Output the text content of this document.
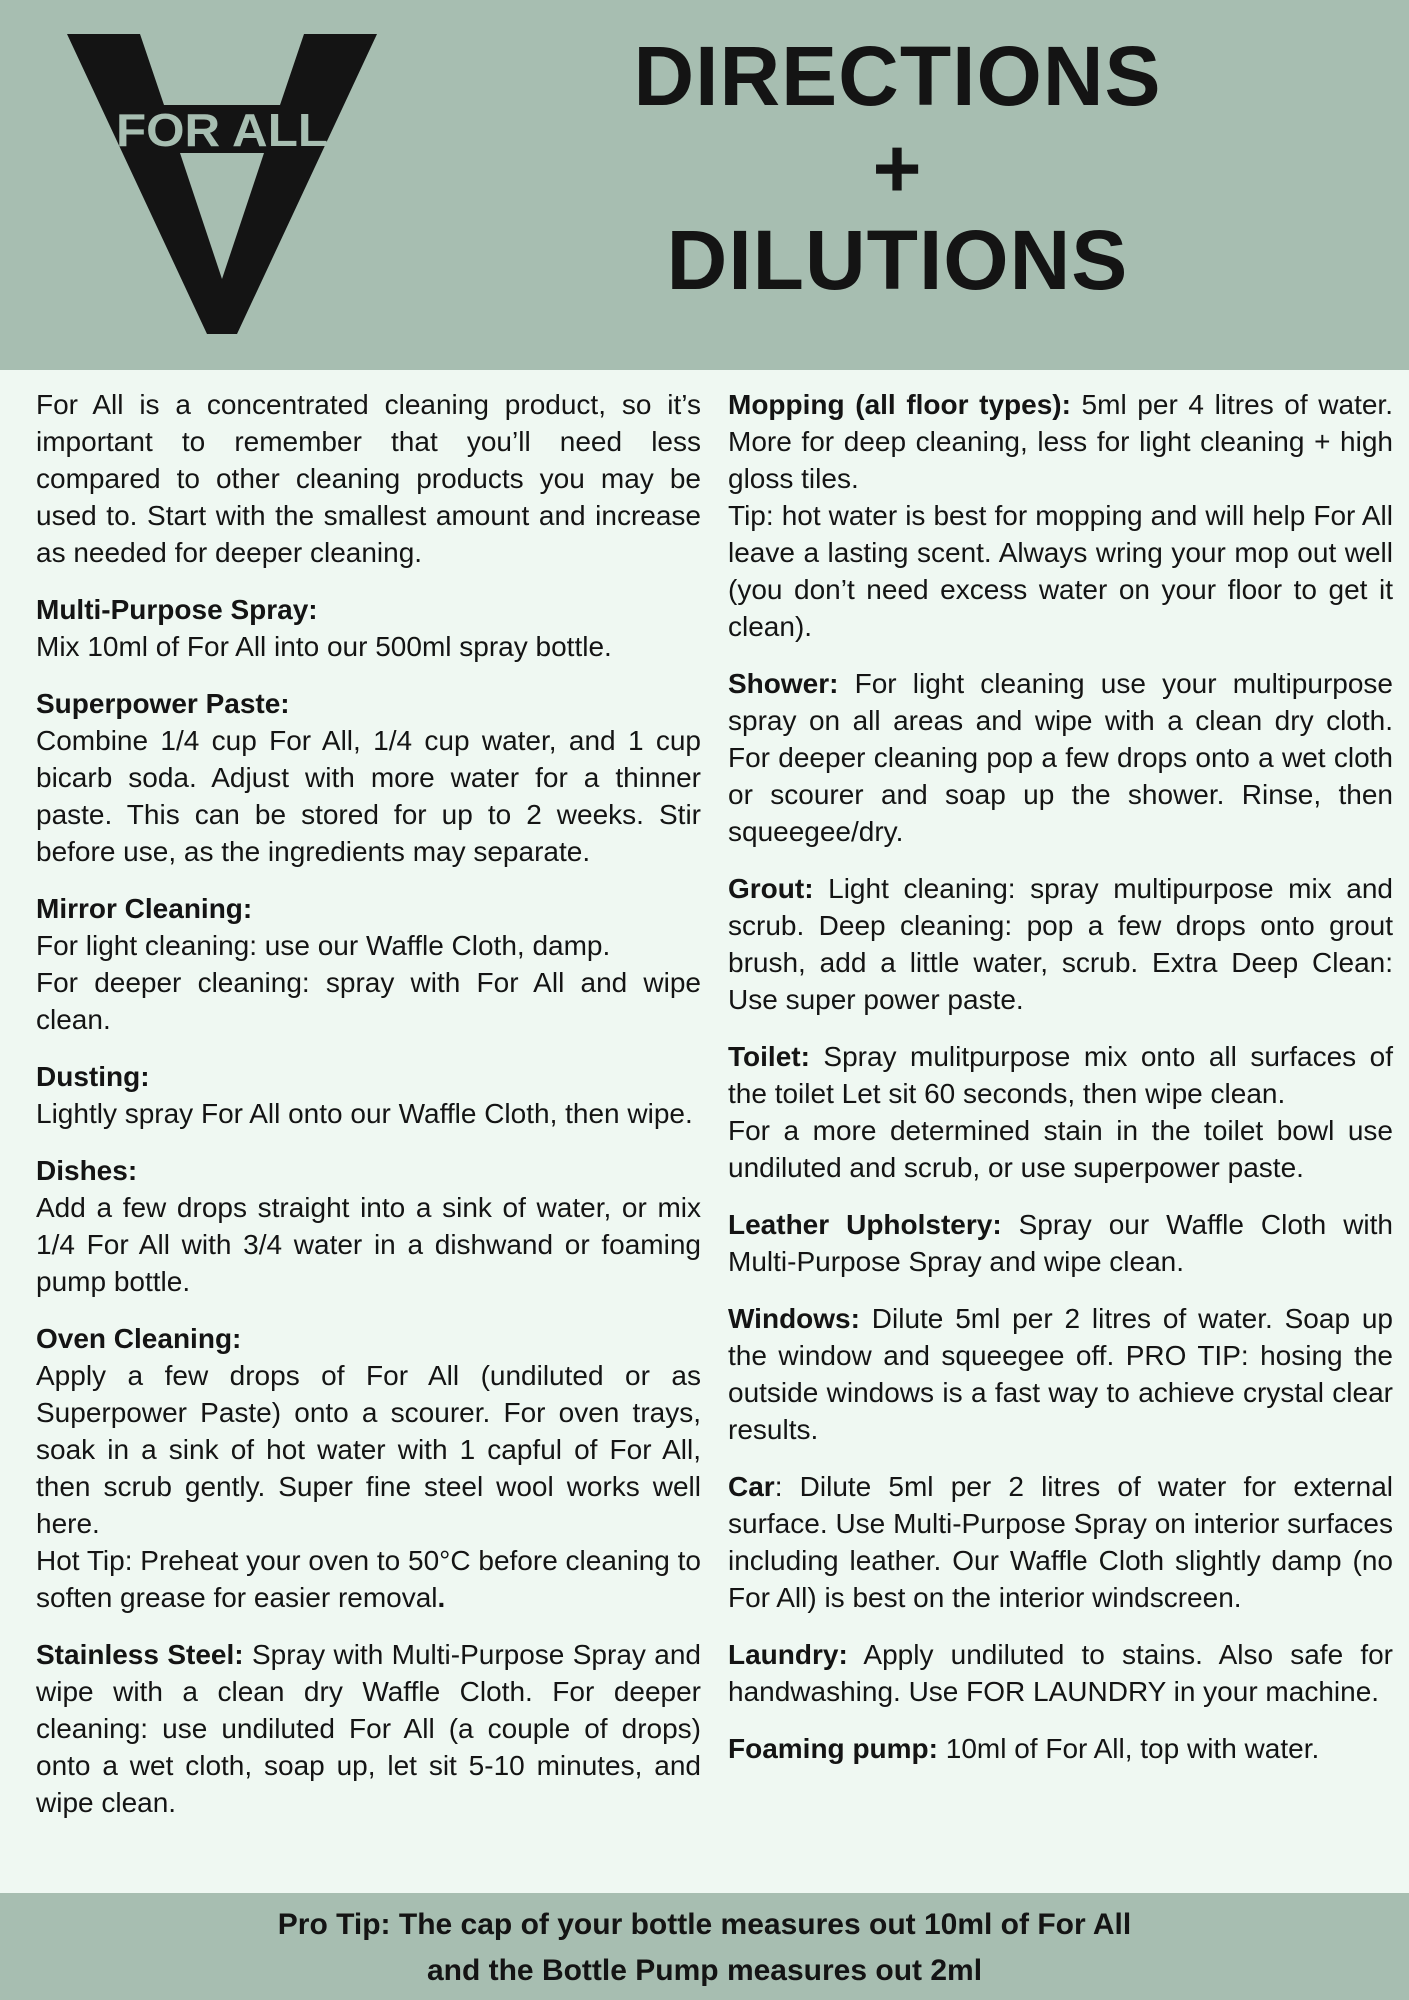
FOR ALL
DIRECTIONS
+
DILUTIONS

For All is a concentrated cleaning product, so it’s important to remember that you’ll need less compared to other cleaning products you may be used to. Start with the smallest amount and increase as needed for deeper cleaning.

Multi-Purpose Spray:
Mix 10ml of For All into our 500ml spray bottle.

Superpower Paste:
Combine 1/4 cup For All, 1/4 cup water, and 1 cup bicarb soda. Adjust with more water for a thinner paste. This can be stored for up to 2 weeks. Stir before use, as the ingredients may separate.

Mirror Cleaning:
For light cleaning: use our Waffle Cloth, damp.
For deeper cleaning: spray with For All and wipe clean.

Dusting:
Lightly spray For All onto our Waffle Cloth, then wipe.

Dishes:
Add a few drops straight into a sink of water, or mix 1/4 For All with 3/4 water in a dishwand or foaming pump bottle.

Oven Cleaning:
Apply a few drops of For All (undiluted or as Superpower Paste) onto a scourer. For oven trays, soak in a sink of hot water with 1 capful of For All, then scrub gently. Super fine steel wool works well here.
Hot Tip: Preheat your oven to 50°C before cleaning to soften grease for easier removal.

Stainless Steel: Spray with Multi-Purpose Spray and wipe with a clean dry Waffle Cloth. For deeper cleaning: use undiluted For All (a couple of drops) onto a wet cloth, soap up, let sit 5-10 minutes, and wipe clean.

Mopping (all floor types): 5ml per 4 litres of water. More for deep cleaning, less for light cleaning + high gloss tiles.
Tip: hot water is best for mopping and will help For All leave a lasting scent. Always wring your mop out well (you don’t need excess water on your floor to get it clean).

Shower: For light cleaning use your multipurpose spray on all areas and wipe with a clean dry cloth. For deeper cleaning pop a few drops onto a wet cloth or scourer and soap up the shower. Rinse, then squeegee/dry.

Grout: Light cleaning: spray multipurpose mix and scrub. Deep cleaning: pop a few drops onto grout brush, add a little water, scrub. Extra Deep Clean: Use super power paste.

Toilet: Spray mulitpurpose mix onto all surfaces of the toilet Let sit 60 seconds, then wipe clean.
For a more determined stain in the toilet bowl use undiluted and scrub, or use superpower paste.

Leather Upholstery: Spray our Waffle Cloth with Multi-Purpose Spray and wipe clean.

Windows: Dilute 5ml per 2 litres of water. Soap up the window and squeegee off. PRO TIP: hosing the outside windows is a fast way to achieve crystal clear results.

Car: Dilute 5ml per 2 litres of water for external surface. Use Multi-Purpose Spray on interior surfaces including leather. Our Waffle Cloth slightly damp (no For All) is best on the interior windscreen.

Laundry: Apply undiluted to stains. Also safe for handwashing. Use FOR LAUNDRY in your machine.

Foaming pump: 10ml of For All, top with water.

Pro Tip: The cap of your bottle measures out 10ml of For All
and the Bottle Pump measures out 2ml
